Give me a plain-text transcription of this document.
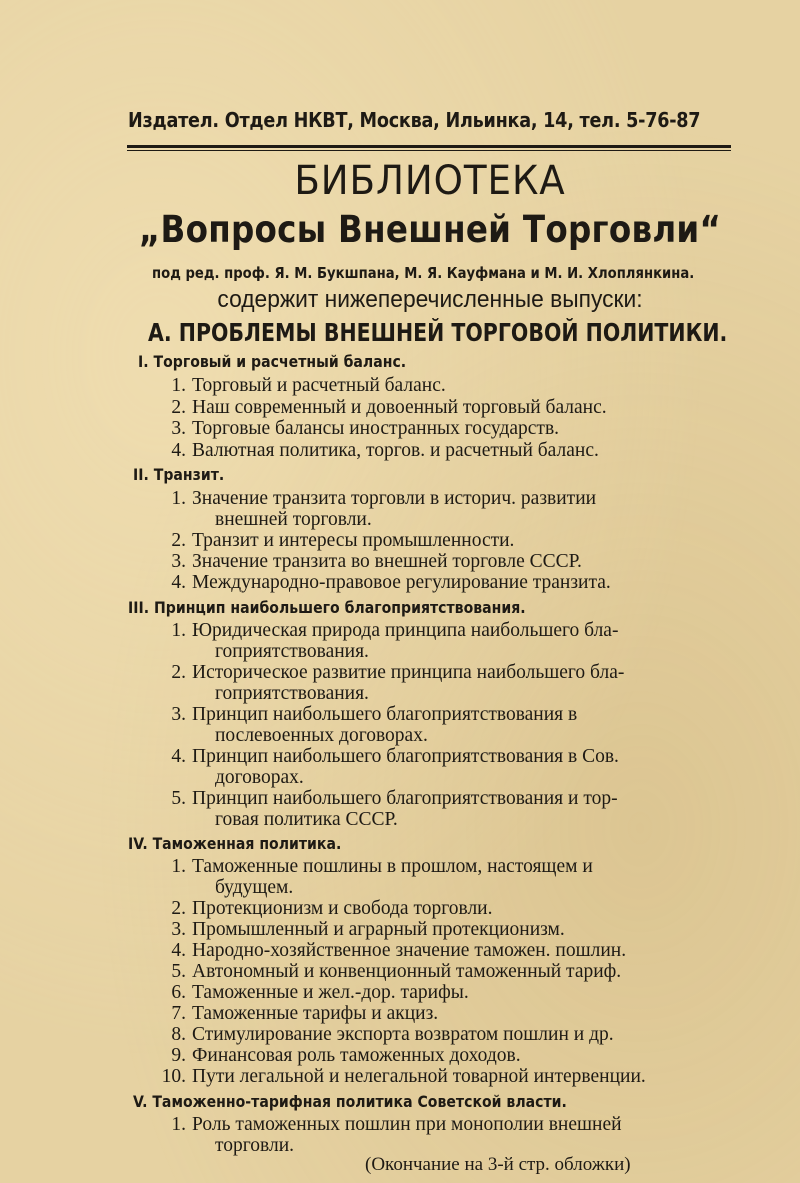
Издател. Отдел НКВТ, Москва, Ильинка, 14, тел. 5-76-87
БИБЛИОТЕКА
„Вопросы Внешней Торговли“
под ред. проф. Я. М. Букшпана, М. Я. Кауфмана и М. И. Хлоплянкина.
содержит нижеперечисленные выпуски:
А. ПРОБЛЕМЫ ВНЕШНЕЙ ТОРГОВОЙ ПОЛИТИКИ.
I. Торговый и расчетный баланс.
1. Торговый и расчетный баланс.
2. Наш современный и довоенный торговый баланс.
3. Торговые балансы иностранных государств.
4. Валютная политика, торгов. и расчетный баланс.
II. Транзит.
1. Значение транзита торговли в историч. развитии
внешней торговли.
2. Транзит и интересы промышленности.
3. Значение транзита во внешней торговле СССР.
4. Международно-правовое регулирование транзита.
III. Принцип наибольшего благоприятствования.
1. Юридическая природа принципа наибольшего бла-
гоприятствования.
2. Историческое развитие принципа наибольшего бла-
гоприятствования.
3. Принцип наибольшего благоприятствования в
послевоенных договорах.
4. Принцип наибольшего благоприятствования в Сов.
договорах.
5. Принцип наибольшего благоприятствования и тор-
говая политика СССР.
IV. Таможенная политика.
1. Таможенные пошлины в прошлом, настоящем и
будущем.
2. Протекционизм и свобода торговли.
3. Промышленный и аграрный протекционизм.
4. Народно-хозяйственное значение таможен. пошлин.
5. Автономный и конвенционный таможенный тариф.
6. Таможенные и жел.-дор. тарифы.
7. Таможенные тарифы и акциз.
8. Стимулирование экспорта возвратом пошлин и др.
9. Финансовая роль таможенных доходов.
10. Пути легальной и нелегальной товарной интервенции.
V. Таможенно-тарифная политика Советской власти.
1. Роль таможенных пошлин при монополии внешней
торговли.
(Окончание на 3-й стр. обложки)
